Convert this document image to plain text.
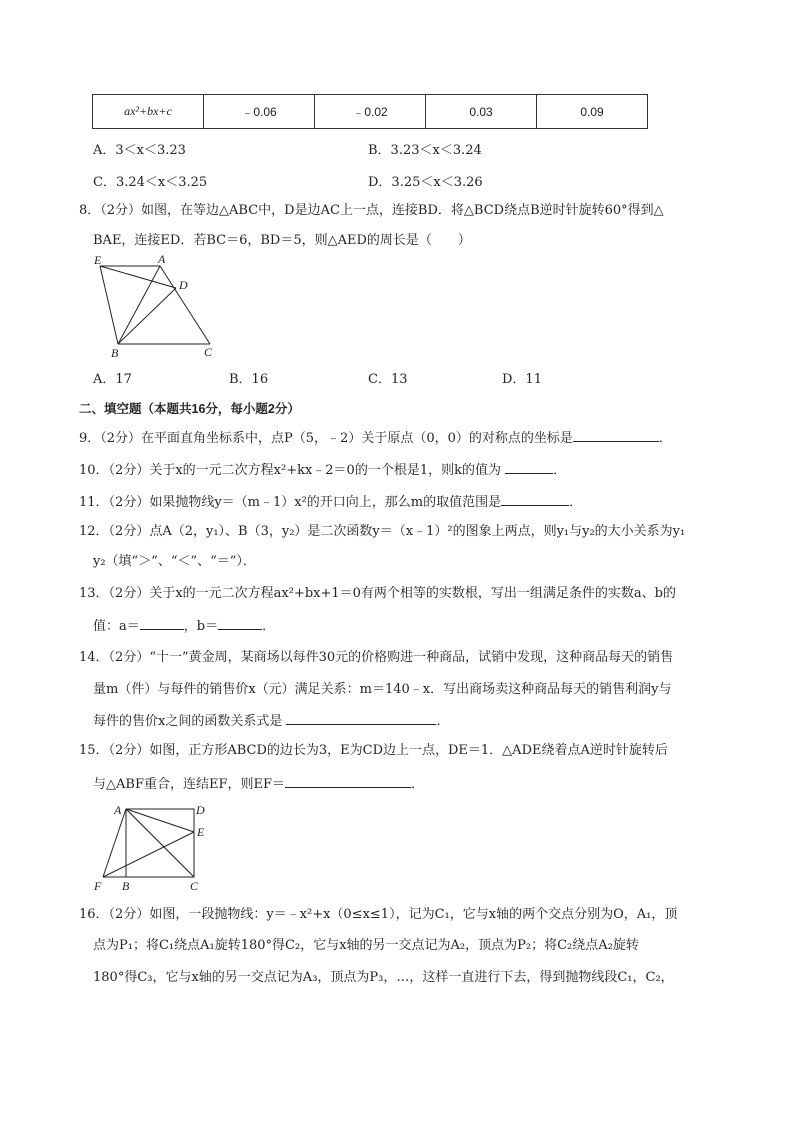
ax²+bx+c	﹣0.06	﹣0.02	0.03	0.09
A．3＜x＜3.23	B．3.23＜x＜3.24
C．3.24＜x＜3.25	D．3.25＜x＜3.26
8．（2分）如图，在等边△ABC中，D是边AC上一点，连接BD．将△BCD绕点B逆时针旋转60°得到△
BAE，连接ED．若BC＝6，BD＝5，则△AED的周长是（　　）
E	A
D
B	C
A．17	B．16	C．13	D．11
二、填空题（本题共16分，每小题2分）
9．（2分）在平面直角坐标系中，点P（5，﹣2）关于原点（0，0）的对称点的坐标是	．
10．（2分）关于x的一元二次方程x²+kx﹣2＝0的一个根是1，则k的值为	．
11．（2分）如果抛物线y＝（m﹣1）x²的开口向上，那么m的取值范围是	．
12．（2分）点A（2，y₁）、B（3，y₂）是二次函数y＝（x﹣1）²的图象上两点，则y₁与y₂的大小关系为y₁
y₂（填“＞”、“＜”、“＝”）．
13．（2分）关于x的一元二次方程ax²+bx+1＝0有两个相等的实数根，写出一组满足条件的实数a、b的
值：a＝	，b＝	．
14．（2分）“十一”黄金周，某商场以每件30元的价格购进一种商品，试销中发现，这种商品每天的销售
量m（件）与每件的销售价x（元）满足关系：m＝140﹣x．写出商场卖这种商品每天的销售利润y与
每件的售价x之间的函数关系式是	．
15．（2分）如图，正方形ABCD的边长为3，E为CD边上一点，DE＝1．△ADE绕着点A逆时针旋转后
与△ABF重合，连结EF，则EF＝	．
A	D
E
F B	C
16．（2分）如图，一段抛物线：y＝﹣x²+x（0≤x≤1），记为C₁，它与x轴的两个交点分别为O，A₁，顶
点为P₁；将C₁绕点A₁旋转180°得C₂，它与x轴的另一交点记为A₂，顶点为P₂；将C₂绕点A₂旋转
180°得C₃，它与x轴的另一交点记为A₃，顶点为P₃，…，这样一直进行下去，得到抛物线段C₁，C₂，
